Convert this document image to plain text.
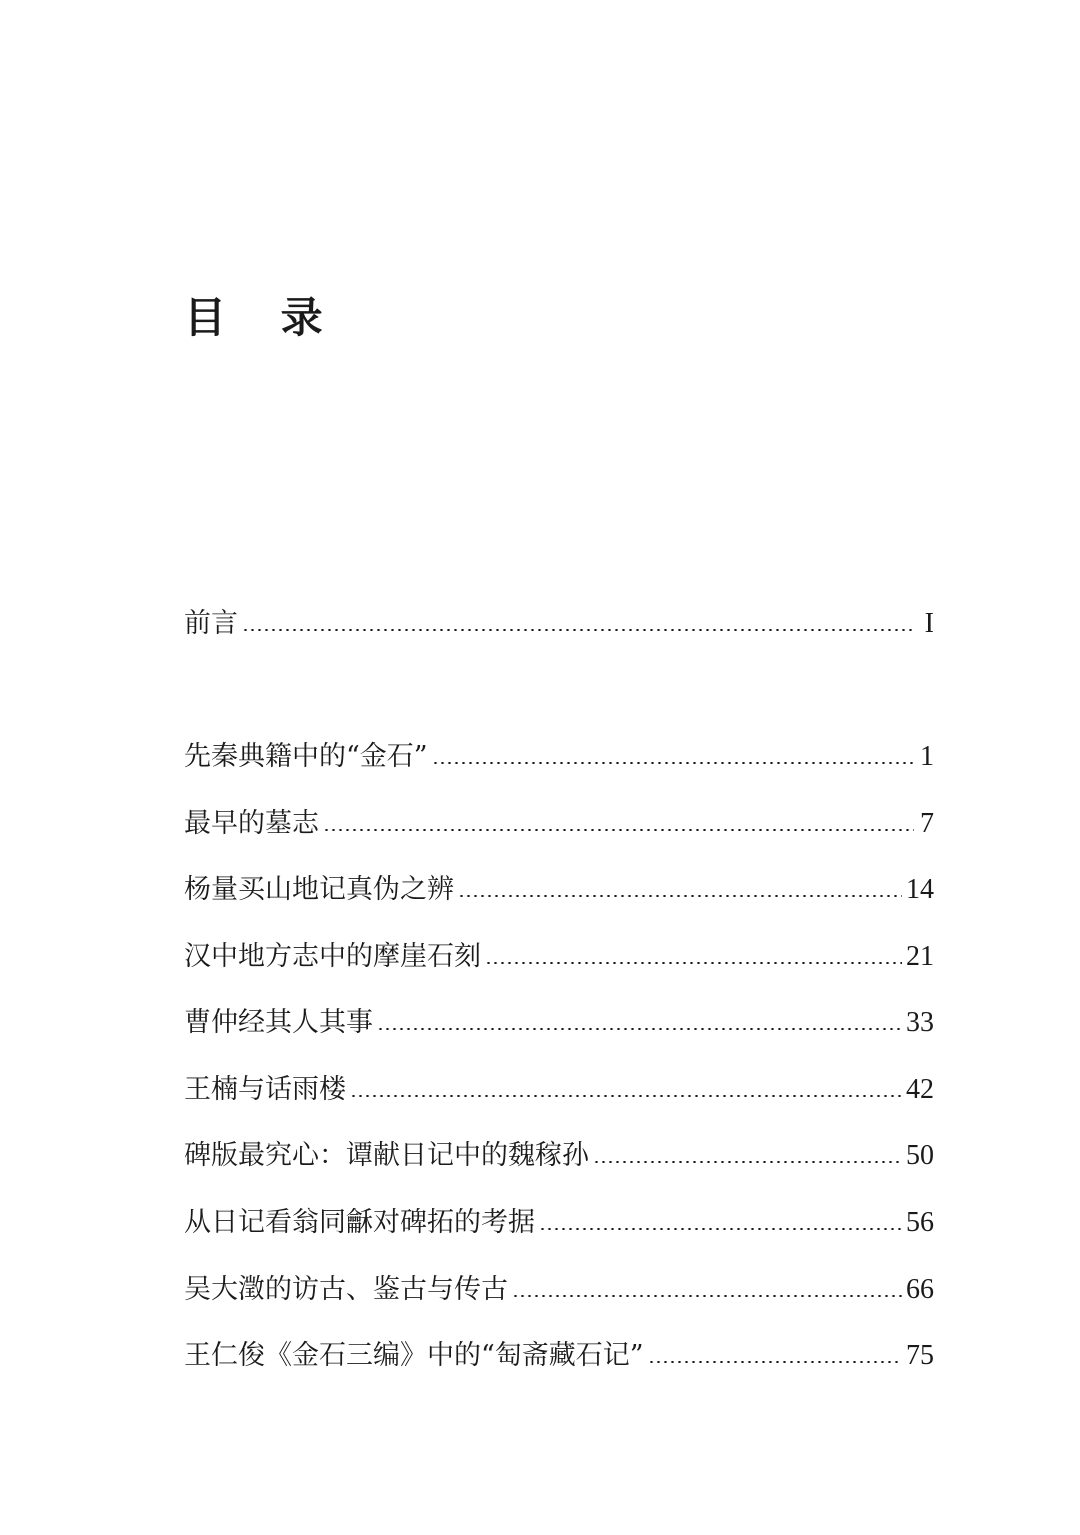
目 录
前言	I
先秦典籍中的“金石”	1
最早的墓志	7
杨量买山地记真伪之辨	14
汉中地方志中的摩崖石刻	21
曹仲经其人其事	33
王楠与话雨楼	42
碑版最究心：谭献日记中的魏稼孙	50
从日记看翁同龢对碑拓的考据	56
吴大澂的访古、鉴古与传古	66
王仁俊《金石三编》中的“匋斋藏石记”	75
